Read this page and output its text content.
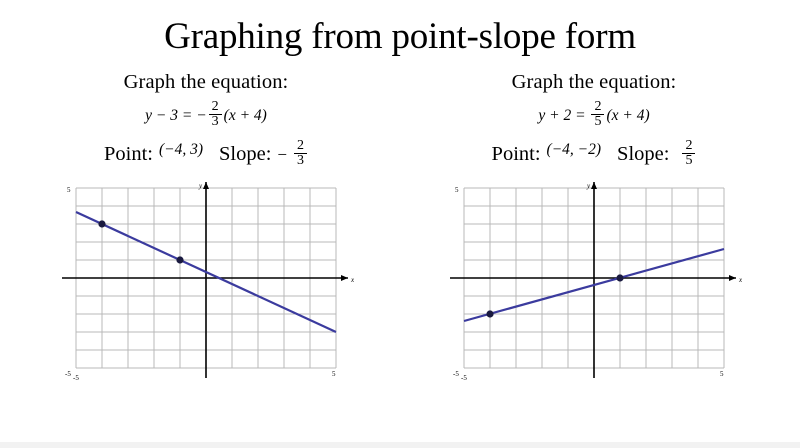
Graphing from point-slope form
Graph the equation:
y − 3 = − $\frac{2}{3} (x + 4)$
Point: (−4, 3) Slope: − $\frac{2}{3}$
x
y
5
-5 -5	5
Graph the equation:
$y + 2 = \frac{2}{5} (x + 4)$
Point: (−4, −2) Slope: $\frac{2}{5}$
x
y
5
-5 -5	5
